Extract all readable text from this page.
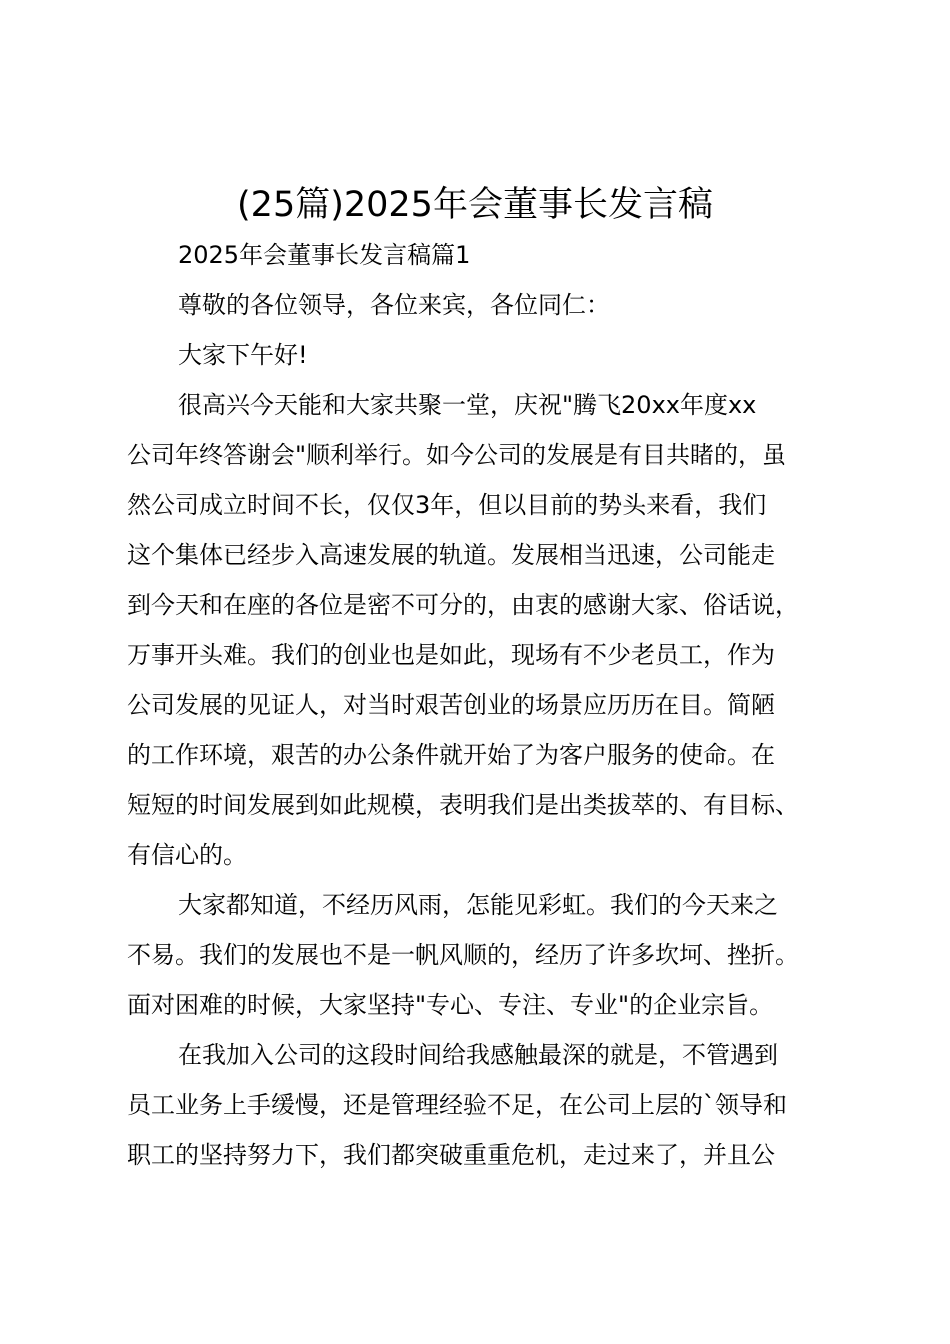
(25篇)2025年会董事长发言稿

2025年会董事长发言稿篇1

尊敬的各位领导，各位来宾，各位同仁：

大家下午好!

很高兴今天能和大家共聚一堂，庆祝"腾飞20xx年度xx

公司年终答谢会"顺利举行。如今公司的发展是有目共睹的，虽

然公司成立时间不长，仅仅3年，但以目前的势头来看，我们

这个集体已经步入高速发展的轨道。发展相当迅速，公司能走

到今天和在座的各位是密不可分的，由衷的感谢大家、俗话说，

万事开头难。我们的创业也是如此，现场有不少老员工，作为

公司发展的见证人，对当时艰苦创业的场景应历历在目。简陋

的工作环境，艰苦的办公条件就开始了为客户服务的使命。在

短短的时间发展到如此规模，表明我们是出类拔萃的、有目标、

有信心的。

大家都知道，不经历风雨，怎能见彩虹。我们的今天来之

不易。我们的发展也不是一帆风顺的，经历了许多坎坷、挫折。

面对困难的时候，大家坚持"专心、专注、专业"的企业宗旨。

在我加入公司的这段时间给我感触最深的就是，不管遇到

员工业务上手缓慢，还是管理经验不足，在公司上层的`领导和

职工的坚持努力下，我们都突破重重危机，走过来了，并且公
